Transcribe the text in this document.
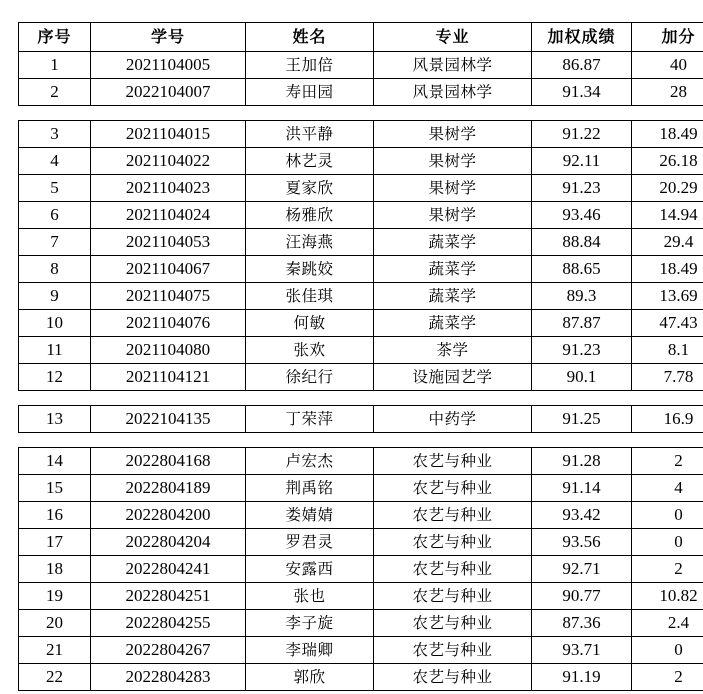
序号	学号	姓名	专业	加权成绩	加分
1	2021104005	王加倍	风景园林学	86.87	40
2	2022104007	寿田园	风景园林学	91.34	28

3	2021104015	洪平静	果树学	91.22	18.49
4	2021104022	林艺灵	果树学	92.11	26.18
5	2021104023	夏家欣	果树学	91.23	20.29
6	2021104024	杨雅欣	果树学	93.46	14.94
7	2021104053	汪海燕	蔬菜学	88.84	29.4
8	2021104067	秦跳姣	蔬菜学	88.65	18.49
9	2021104075	张佳琪	蔬菜学	89.3	13.69
10	2021104076	何敏	蔬菜学	87.87	47.43
11	2021104080	张欢	茶学	91.23	8.1
12	2021104121	徐纪行	设施园艺学	90.1	7.78

13	2022104135	丁荣萍	中药学	91.25	16.9

14	2022804168	卢宏杰	农艺与种业	91.28	2
15	2022804189	荆禹铭	农艺与种业	91.14	4
16	2022804200	娄婧婧	农艺与种业	93.42	0
17	2022804204	罗君灵	农艺与种业	93.56	0
18	2022804241	安露西	农艺与种业	92.71	2
19	2022804251	张也	农艺与种业	90.77	10.82
20	2022804255	李子旋	农艺与种业	87.36	2.4
21	2022804267	李瑞卿	农艺与种业	93.71	0
22	2022804283	郭欣	农艺与种业	91.19	2
